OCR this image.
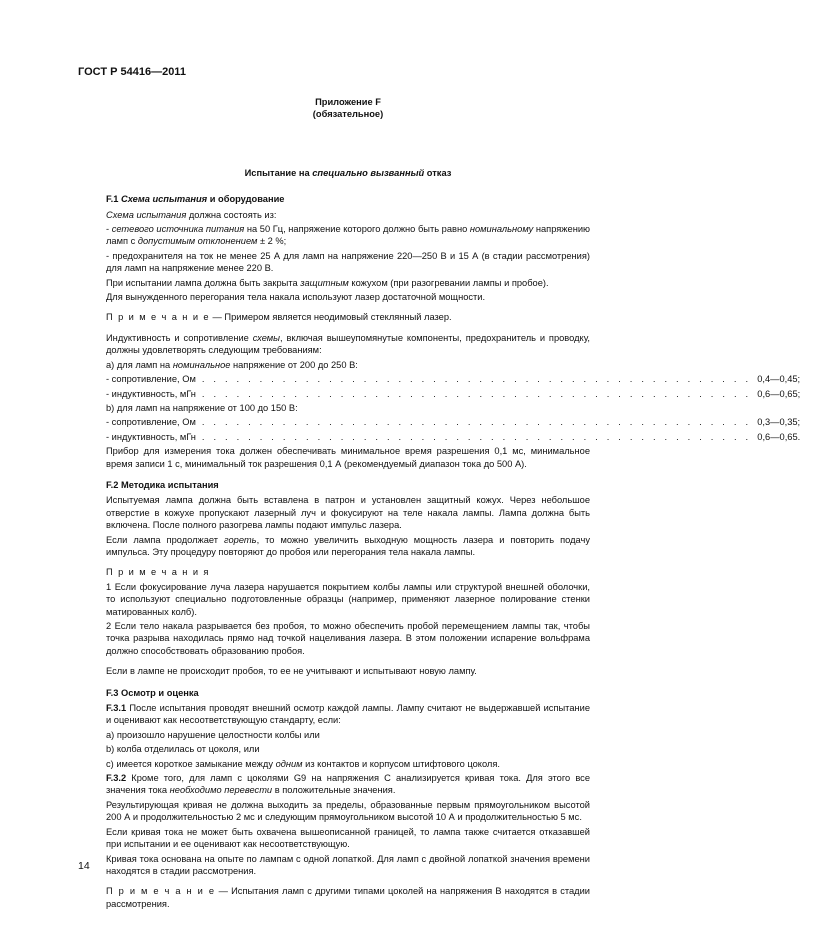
ГОСТ Р 54416—2011
Приложение F
(обязательное)
Испытание на специально вызванный отказ
F.1 Схема испытания и оборудование
Схема испытания должна состоять из:
- сетевого источника питания на 50 Гц, напряжение которого должно быть равно номинальному напряжению ламп с допустимым отклонением ± 2 %;
- предохранителя на ток не менее 25 А для ламп на напряжение 220—250 В и 15 А (в стадии рассмотрения) для ламп на напряжение менее 220 В.
При испытании лампа должна быть закрыта защитным кожухом (при разогревании лампы и пробое).
Для вынужденного перегорания тела накала используют лазер достаточной мощности.
П р и м е ч а н и е — Примером является неодимовый стеклянный лазер.
Индуктивность и сопротивление схемы, включая вышеупомянутые компоненты, предохранитель и проводку, должны удовлетворять следующим требованиям:
a) для ламп на номинальное напряжение от 200 до 250 В:
- сопротивление, Ом . . . . . . . . . . . . . . . . . . . . . . . . . . . . . . . . . . . . . . . . . . . . . . . . 0,4—0,45;
- индуктивность, мГн . . . . . . . . . . . . . . . . . . . . . . . . . . . . . . . . . . . . . . . . . . . . . . . . 0,6—0,65;
b) для ламп на напряжение от 100 до 150 В:
- сопротивление, Ом . . . . . . . . . . . . . . . . . . . . . . . . . . . . . . . . . . . . . . . . . . . . . . . . 0,3—0,35;
- индуктивность, мГн . . . . . . . . . . . . . . . . . . . . . . . . . . . . . . . . . . . . . . . . . . . . . . . . 0,6—0,65.
Прибор для измерения тока должен обеспечивать минимальное время разрешения 0,1 мс, минимальное время записи 1 с, минимальный ток разрешения 0,1 А (рекомендуемый диапазон тока до 500 А).
F.2 Методика испытания
Испытуемая лампа должна быть вставлена в патрон и установлен защитный кожух. Через небольшое отверстие в кожухе пропускают лазерный луч и фокусируют на теле накала лампы. Лампа должна быть включена. После полного разогрева лампы подают импульс лазера.
Если лампа продолжает гореть, то можно увеличить выходную мощность лазера и повторить подачу импульса. Эту процедуру повторяют до пробоя или перегорания тела накала лампы.
П р и м е ч а н и я
1 Если фокусирование луча лазера нарушается покрытием колбы лампы или структурой внешней оболочки, то используют специально подготовленные образцы (например, применяют лазерное полирование стенки матированных колб).
2 Если тело накала разрывается без пробоя, то можно обеспечить пробой перемещением лампы так, чтобы точка разрыва находилась прямо над точкой нацеливания лазера. В этом положении испарение вольфрама должно способствовать образованию пробоя.
Если в лампе не происходит пробоя, то ее не учитывают и испытывают новую лампу.
F.3 Осмотр и оценка
F.3.1 После испытания проводят внешний осмотр каждой лампы. Лампу считают не выдержавшей испытание и оценивают как несоответствующую стандарту, если:
a) произошло нарушение целостности колбы или
b) колба отделилась от цоколя, или
c) имеется короткое замыкание между одним из контактов и корпусом штифтового цоколя.
F.3.2 Кроме того, для ламп с цоколями G9 на напряжения С анализируется кривая тока. Для этого все значения тока необходимо перевести в положительные значения.
Результирующая кривая не должна выходить за пределы, образованные первым прямоугольником высотой 200 А и продолжительностью 2 мс и следующим прямоугольником высотой 10 А и продолжительностью 5 мс.
Если кривая тока не может быть охвачена вышеописанной границей, то лампа также считается отказавшей при испытании и ее оценивают как несоответствующую.
Кривая тока основана на опыте по лампам с одной лопаткой. Для ламп с двойной лопаткой значения времени находятся в стадии рассмотрения.
П р и м е ч а н и е — Испытания ламп с другими типами цоколей на напряжения В находятся в стадии рассмотрения.
14
